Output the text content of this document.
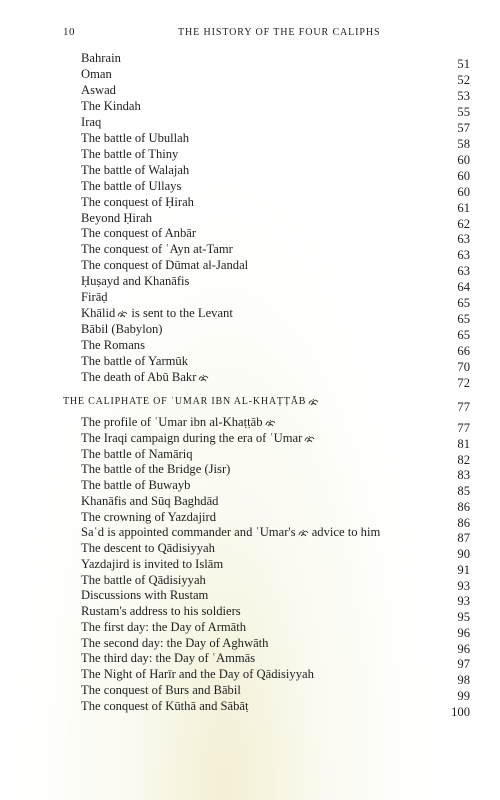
10	THE HISTORY OF THE FOUR CALIPHS
Bahrain	51
Oman	52
Aswad	53
The Kindah	55
Iraq	57
The battle of Ubullah	58
The battle of Thiny	60
The battle of Walajah	60
The battle of Ullays	60
The conquest of Ḥirah	61
Beyond Ḥirah	62
The conquest of Anbār	63
The conquest of ʿAyn at-Tamr	63
The conquest of Dūmat al-Jandal	63
Ḥuṣayd and Khanāfis	64
Firāḍ	65
Khālid is sent to the Levant	65
Bābil (Babylon)	65
The Romans	66
The battle of Yarmūk	70
The death of Abū Bakr	72
THE CALIPHATE OF ʿUMAR IBN AL-KHAṬṬĀB	77
The profile of ʿUmar ibn al-Khaṭṭāb	77
The Iraqi campaign during the era of ʿUmar	81
The battle of Namāriq	82
The battle of the Bridge (Jisr)	83
The battle of Buwayb	85
Khanāfis and Sūq Baghdād	86
The crowning of Yazdajird	86
Saʿd is appointed commander and ʿUmar's advice to him	87
The descent to Qādisiyyah	90
Yazdajird is invited to Islām	91
The battle of Qādisiyyah	93
Discussions with Rustam	93
Rustam's address to his soldiers	95
The first day: the Day of Armāth	96
The second day: the Day of Aghwāth	96
The third day: the Day of ʿAmmās	97
The Night of Harīr and the Day of Qādisiyyah	98
The conquest of Burs and Bābil	99
The conquest of Kūthā and Sābāṭ	100
